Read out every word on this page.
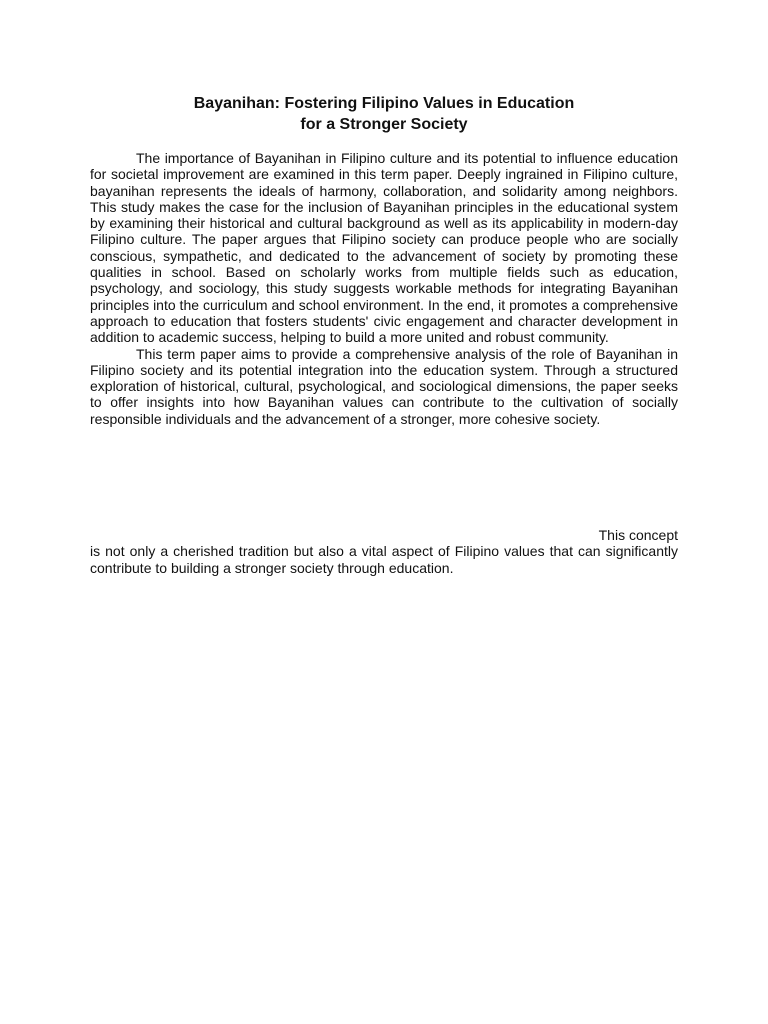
Bayanihan: Fostering Filipino Values in Education
for a Stronger Society

The importance of Bayanihan in Filipino culture and its potential to influence education for societal improvement are examined in this term paper. Deeply ingrained in Filipino culture, bayanihan represents the ideals of harmony, collaboration, and solidarity among neighbors. This study makes the case for the inclusion of Bayanihan principles in the educational system by examining their historical and cultural background as well as its applicability in modern-day Filipino culture. The paper argues that Filipino society can produce people who are socially conscious, sympathetic, and dedicated to the advancement of society by promoting these qualities in school. Based on scholarly works from multiple fields such as education, psychology, and sociology, this study suggests workable methods for integrating Bayanihan principles into the curriculum and school environment. In the end, it promotes a comprehensive approach to education that fosters students' civic engagement and character development in addition to academic success, helping to build a more united and robust community.

This term paper aims to provide a comprehensive analysis of the role of Bayanihan in Filipino society and its potential integration into the education system. Through a structured exploration of historical, cultural, psychological, and sociological dimensions, the paper seeks to offer insights into how Bayanihan values can contribute to the cultivation of socially responsible individuals and the advancement of a stronger, more cohesive society.

This concept

is not only a cherished tradition but also a vital aspect of Filipino values that can significantly contribute to building a stronger society through education.
